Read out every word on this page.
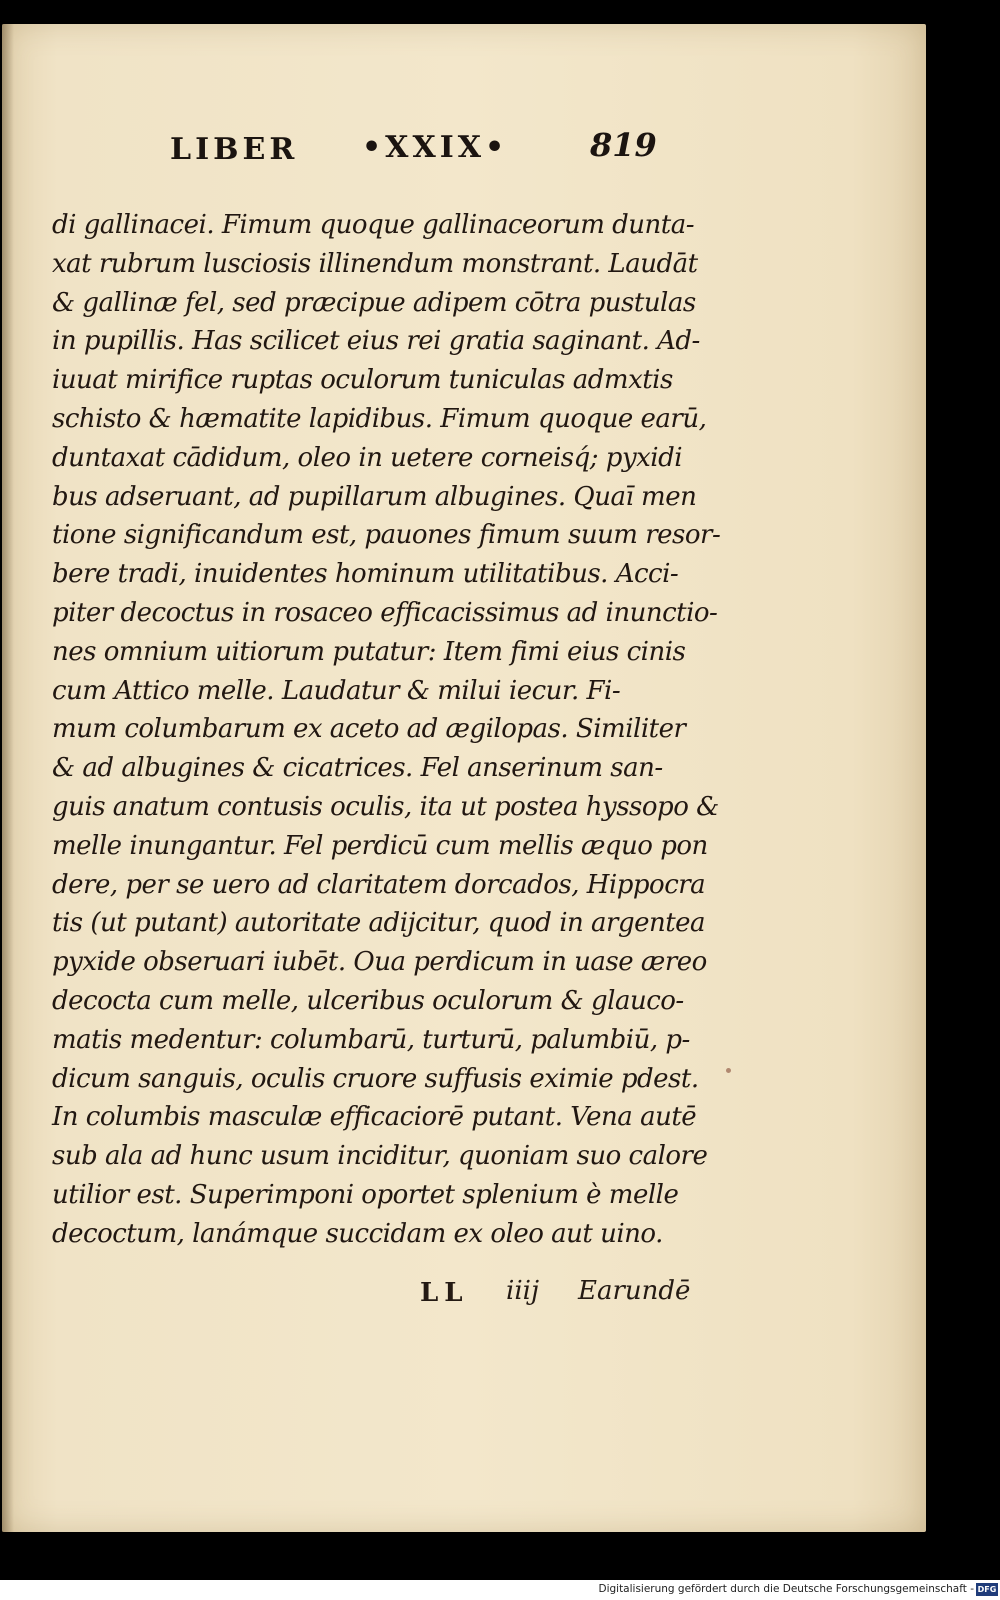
LIBER •XXIX•	819
di gallinacei. Fimum quoque gallinaceorum dunta-
xat rubrum lusciosis illinendum monstrant. Laudāt
& gallinæ fel, sed præcipue adipem cōtra pustulas
in pupillis. Has scilicet eius rei gratia saginant. Ad-
iuuat mirifice ruptas oculorum tuniculas admxtis
schisto & hæmatite lapidibus. Fimum quoque earū,
duntaxat cādidum, oleo in uetere corneisq́; pyxidi
bus adseruant, ad pupillarum albugines. Quaī men
tione significandum est, pauones fimum suum resor-
bere tradi, inuidentes hominum utilitatibus. Acci-
piter decoctus in rosaceo efficacissimus ad inunctio-
nes omnium uitiorum putatur: Item fimi eius cinis
cum Attico melle. Laudatur & milui iecur. Fi-
mum columbarum ex aceto ad ægilopas. Similiter
& ad albugines & cicatrices. Fel anserinum san-
guis anatum contusis oculis, ita ut postea hyssopo &
melle inungantur. Fel perdicū cum mellis æquo pon
dere, per se uero ad claritatem dorcados, Hippocra
tis (ut putant) autoritate adijcitur, quod in argentea
pyxide obseruari iubēt. Oua perdicum in uase æreo
decocta cum melle, ulceribus oculorum & glauco-
matis medentur: columbarū, turturū, palumbiū, p-
dicum sanguis, oculis cruore suffusis eximie pdest.
In columbis masculæ efficaciorē putant. Vena autē
sub ala ad hunc usum inciditur, quoniam suo calore
utilior est. Superimponi oportet splenium è melle
decoctum, lanámque succidam ex oleo aut uino.
LL iiij Earundē
Digitalisierung gefördert durch die Deutsche Forschungsgemeinschaft - DFG
